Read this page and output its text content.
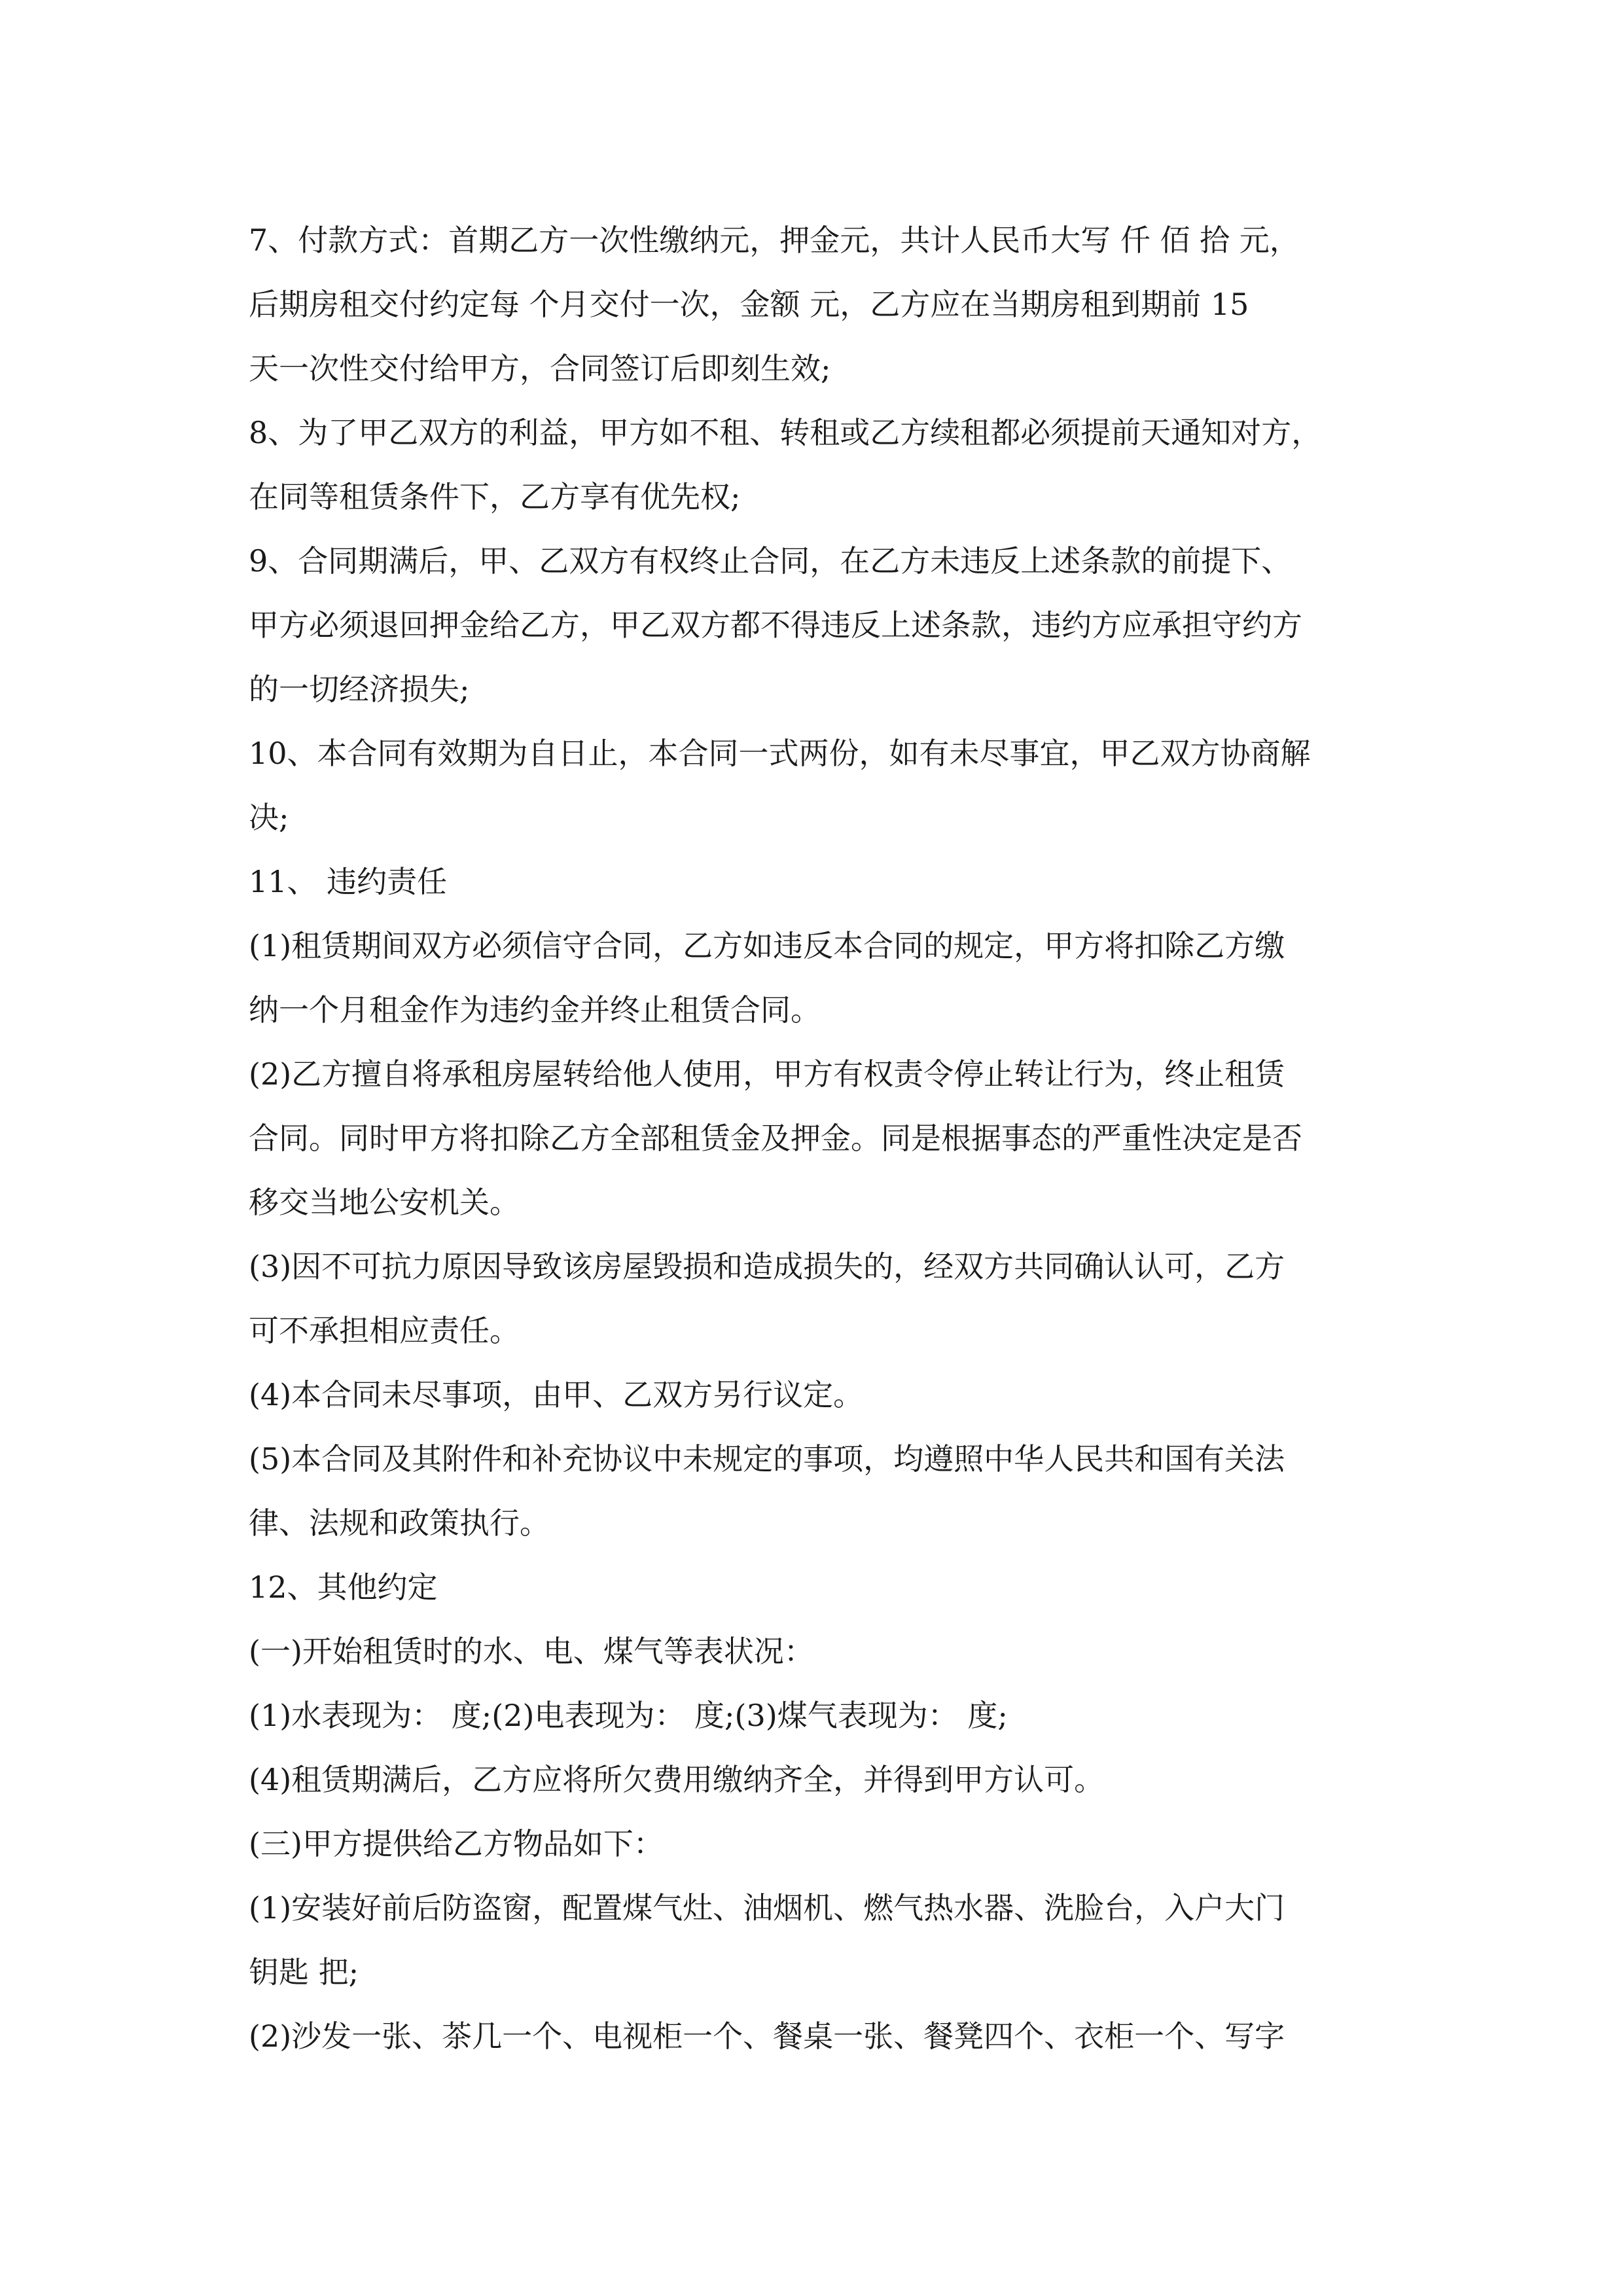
7、付款方式：首期乙方一次性缴纳元，押金元，共计人民币大写 仟 佰 拾 元，

后期房租交付约定每 个月交付一次，金额 元，乙方应在当期房租到期前 15

天一次性交付给甲方，合同签订后即刻生效;

8、为了甲乙双方的利益，甲方如不租、转租或乙方续租都必须提前天通知对方，

在同等租赁条件下，乙方享有优先权;

9、合同期满后，甲、乙双方有权终止合同，在乙方未违反上述条款的前提下、

甲方必须退回押金给乙方，甲乙双方都不得违反上述条款，违约方应承担守约方

的一切经济损失;

10、本合同有效期为自日止，本合同一式两份，如有未尽事宜，甲乙双方协商解

决;

11、 违约责任

(1)租赁期间双方必须信守合同，乙方如违反本合同的规定，甲方将扣除乙方缴

纳一个月租金作为违约金并终止租赁合同。

(2)乙方擅自将承租房屋转给他人使用，甲方有权责令停止转让行为，终止租赁

合同。同时甲方将扣除乙方全部租赁金及押金。同是根据事态的严重性决定是否

移交当地公安机关。

(3)因不可抗力原因导致该房屋毁损和造成损失的，经双方共同确认认可，乙方

可不承担相应责任。

(4)本合同未尽事项，由甲、乙双方另行议定。

(5)本合同及其附件和补充协议中未规定的事项，均遵照中华人民共和国有关法

律、法规和政策执行。

12、其他约定

(一)开始租赁时的水、电、煤气等表状况：

(1)水表现为： 度;(2)电表现为： 度;(3)煤气表现为： 度;

(4)租赁期满后，乙方应将所欠费用缴纳齐全，并得到甲方认可。

(三)甲方提供给乙方物品如下：

(1)安装好前后防盗窗，配置煤气灶、油烟机、燃气热水器、洗脸台，入户大门

钥匙 把;

(2)沙发一张、茶几一个、电视柜一个、餐桌一张、餐凳四个、衣柜一个、写字
